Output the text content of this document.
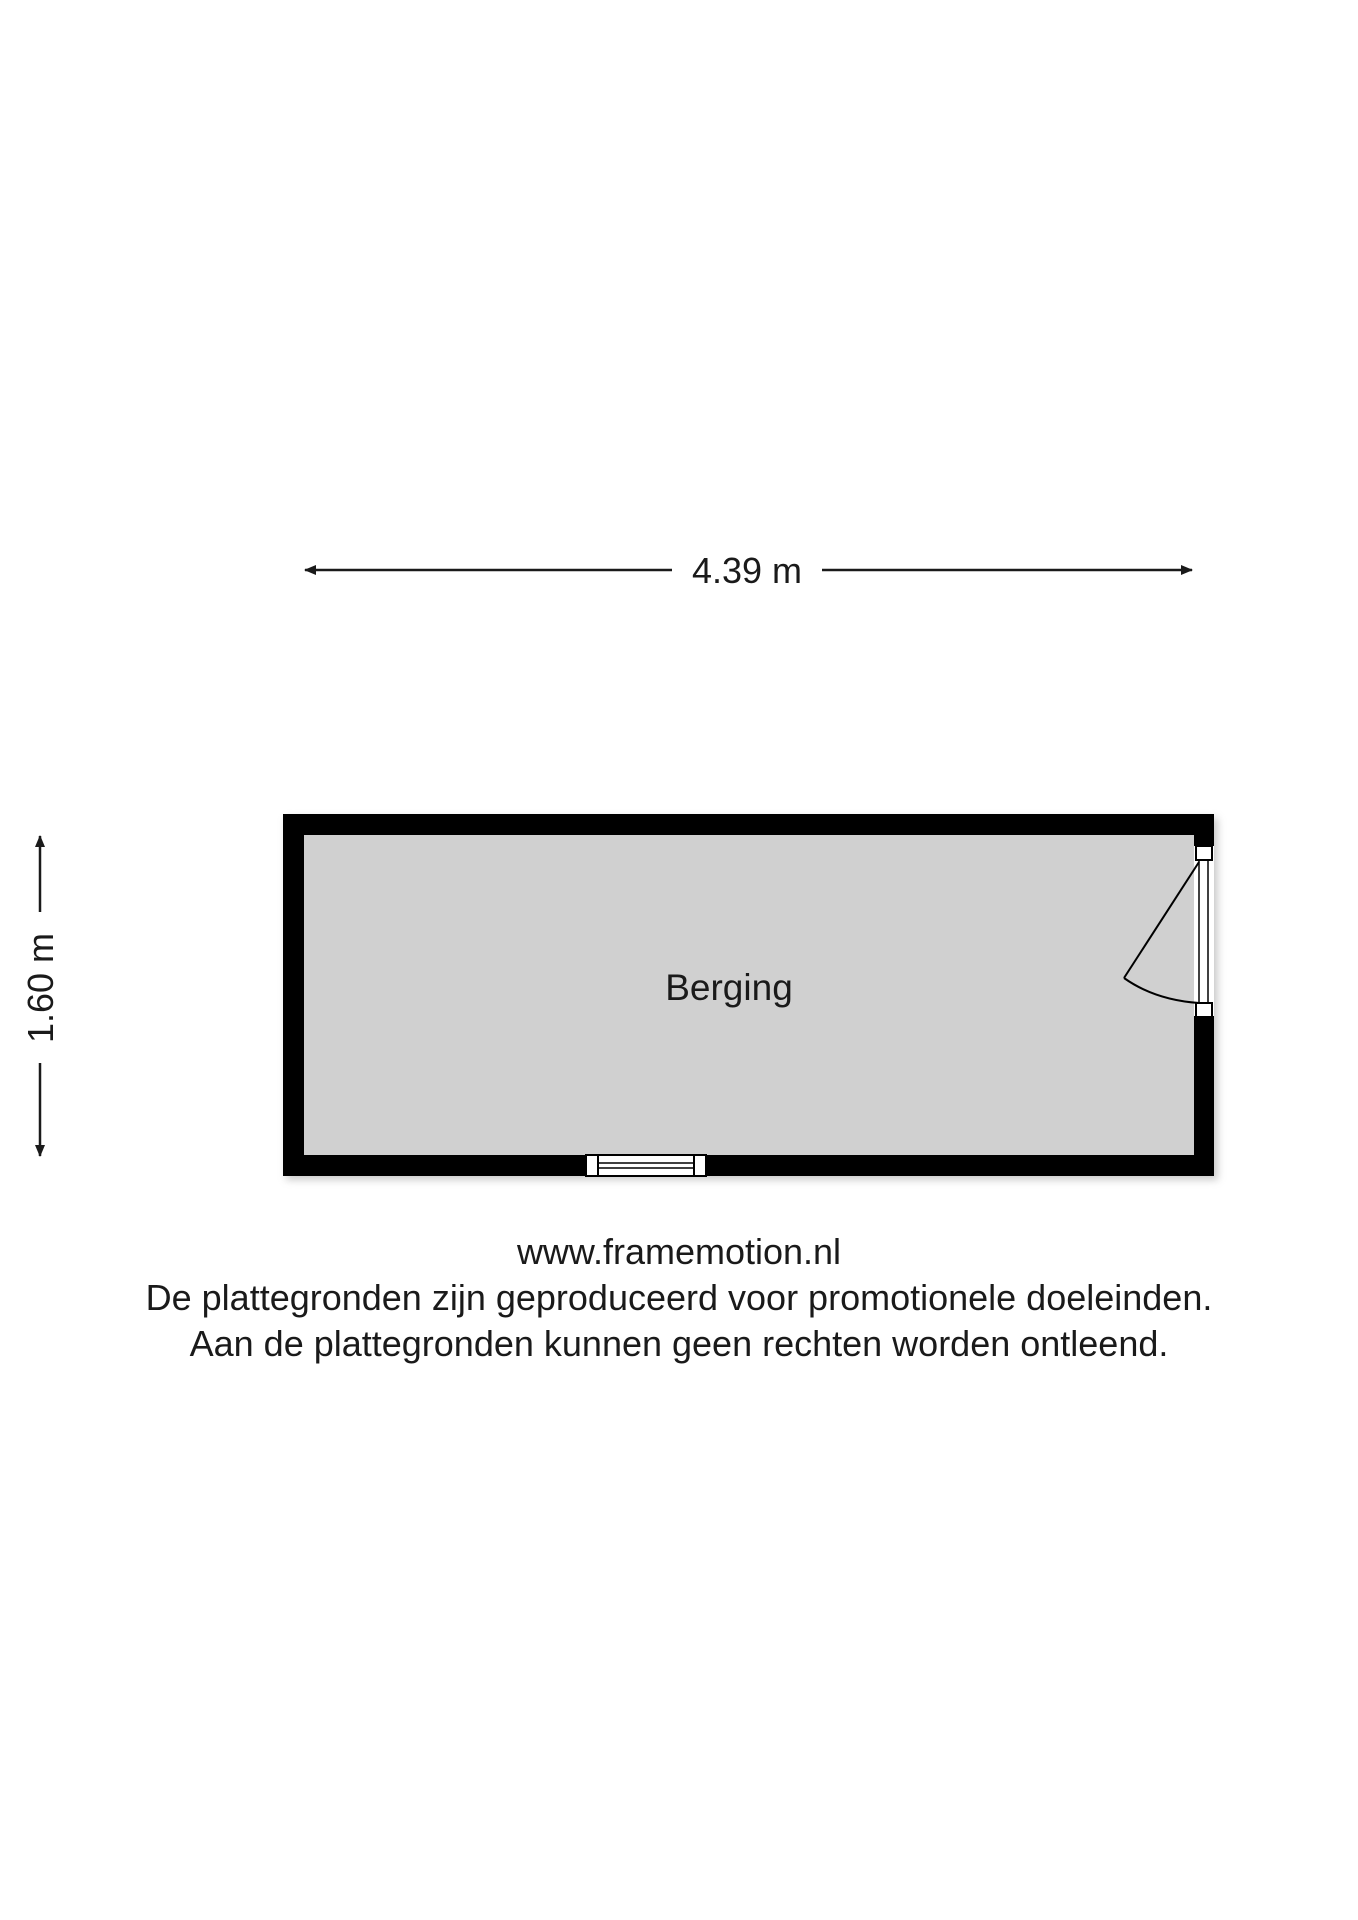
4.39 m
1.60 m	Berging
www.framemotion.nl
De plattegronden zijn geproduceerd voor promotionele doeleinden.
Aan de plattegronden kunnen geen rechten worden ontleend.
